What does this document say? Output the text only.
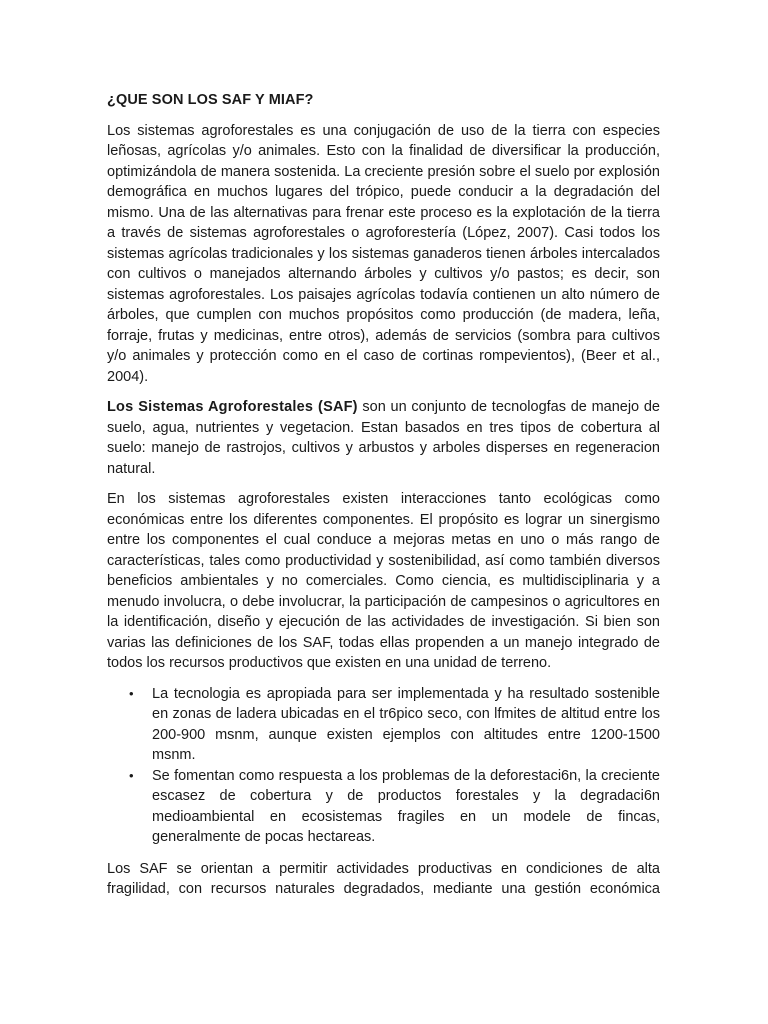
¿QUE SON LOS SAF Y MIAF?

Los sistemas agroforestales es una conjugación de uso de la tierra con especies leñosas, agrícolas y/o animales. Esto con la finalidad de diversificar la producción, optimizándola de manera sostenida. La creciente presión sobre el suelo por explosión demográfica en muchos lugares del trópico, puede conducir a la degradación del mismo. Una de las alternativas para frenar este proceso es la explotación de la tierra a través de sistemas agroforestales o agroforestería (López, 2007). Casi todos los sistemas agrícolas tradicionales y los sistemas ganaderos tienen árboles intercalados con cultivos o manejados alternando árboles y cultivos y/o pastos; es decir, son sistemas agroforestales. Los paisajes agrícolas todavía contienen un alto número de árboles, que cumplen con muchos propósitos como producción (de madera, leña, forraje, frutas y medicinas, entre otros), además de servicios (sombra para cultivos y/o animales y protección como en el caso de cortinas rompevientos), (Beer et al., 2004).

Los Sistemas Agroforestales (SAF) son un conjunto de tecnologfas de manejo de suelo, agua, nutrientes y vegetacion. Estan basados en tres tipos de cobertura al suelo: manejo de rastrojos, cultivos y arbustos y arboles disperses en regeneracion natural.

En los sistemas agroforestales existen interacciones tanto ecológicas como económicas entre los diferentes componentes. El propósito es lograr un sinergismo entre los componentes el cual conduce a mejoras metas en uno o más rango de características, tales como productividad y sostenibilidad, así como también diversos beneficios ambientales y no comerciales. Como ciencia, es multidisciplinaria y a menudo involucra, o debe involucrar, la participación de campesinos o agricultores en la identificación, diseño y ejecución de las actividades de investigación. Si bien son varias las definiciones de los SAF, todas ellas propenden a un manejo integrado de todos los recursos productivos que existen en una unidad de terreno.

• La tecnologia es apropiada para ser implementada y ha resultado sostenible en zonas de ladera ubicadas en el tr6pico seco, con lfmites de altitud entre los 200-900 msnm, aunque existen ejemplos con altitudes entre 1200-1500 msnm.
• Se fomentan como respuesta a los problemas de la deforestaci6n, la creciente escasez de cobertura y de productos forestales y la degradaci6n medioambiental en ecosistemas fragiles en un modele de fincas, generalmente de pocas hectareas.

Los SAF se orientan a permitir actividades productivas en condiciones de alta fragilidad, con recursos naturales degradados, mediante una gestión económica
